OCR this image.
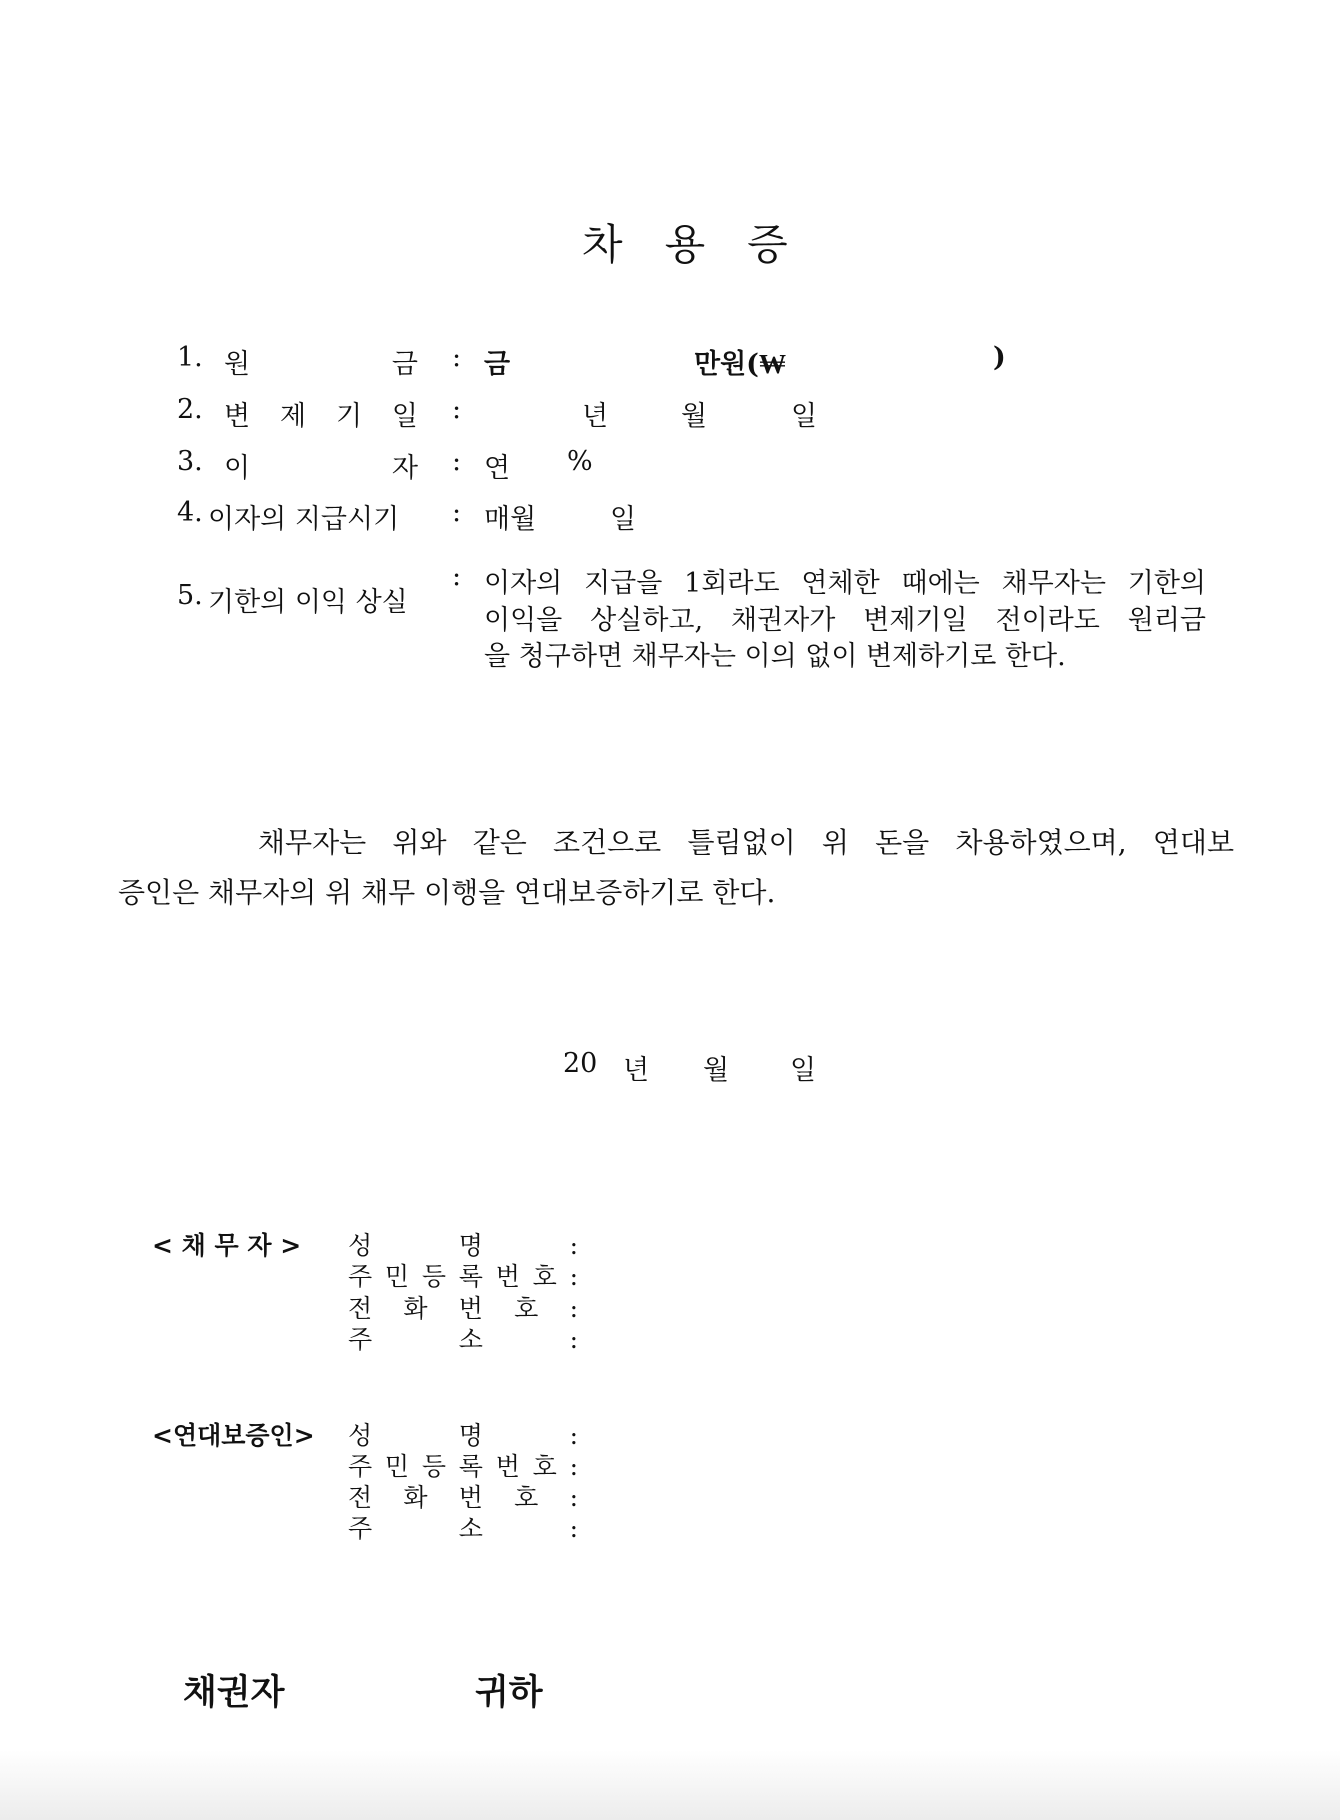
차 용 증
1. 원 금 : 금	만원(₩	)
2. 변 제 기 일 :	년	월	일
3. 이 자 : 연 %
4. 이자의 지급시기 : 매월	일
5. 기한의 이익 상실
: 이자의 지급을 1회라도 연체한 때에는 채무자는 기한의
이익을 상실하고, 채권자가 변제기일 전이라도 원리금
을 청구하면 채무자는 이의 없이 변제하기로 한다.
채무자는 위와 같은 조건으로 틀림없이 위 돈을 차용하였으며, 연대보
증인은 채무자의 위 채무 이행을 연대보증하기로 한다.
20 년 월 일
< 채 무 자 > 성 명 :
주 민 등 록 번 호 :
전 화 번 호 :
주 소 :
<연대보증인> 성 명 :
주 민 등 록 번 호 :
전 화 번 호 :
주 소 :
채권자	귀하
